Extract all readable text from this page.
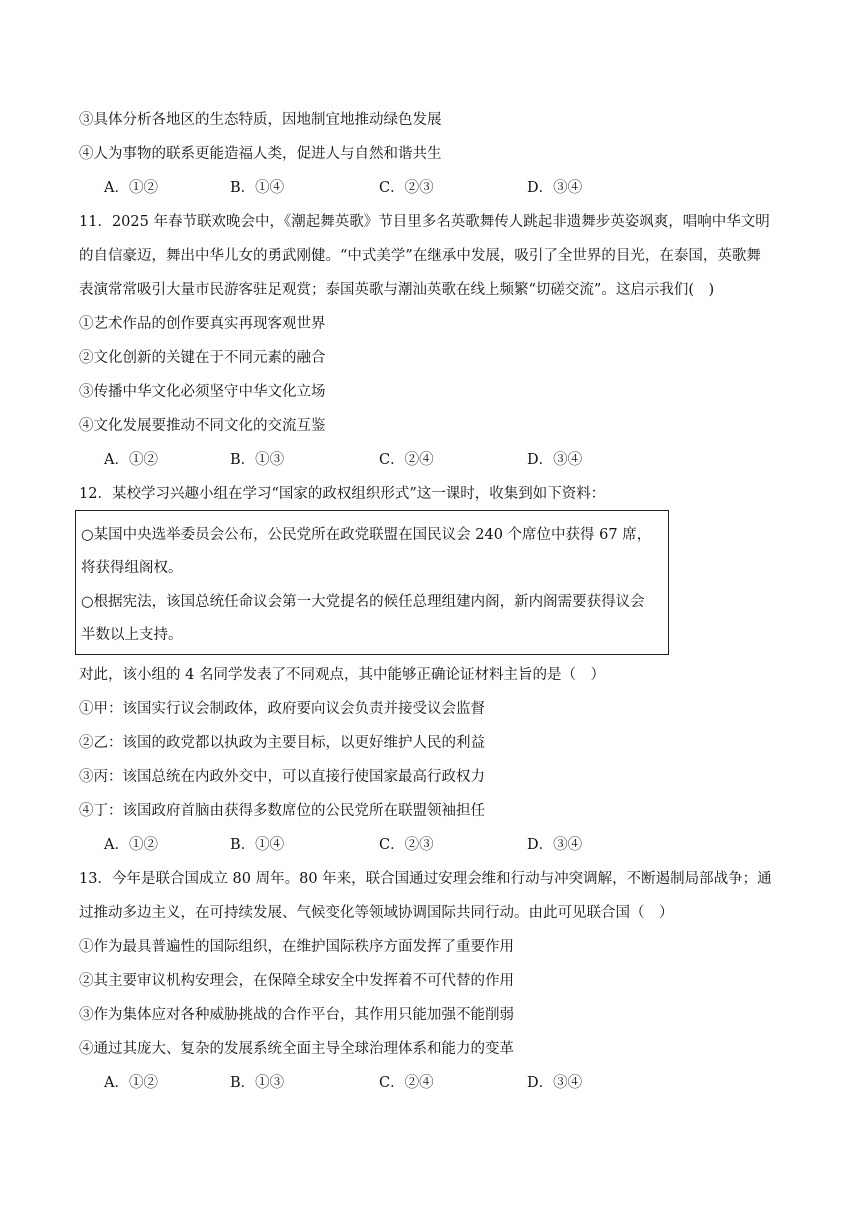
③具体分析各地区的生态特质，因地制宜地推动绿色发展
④人为事物的联系更能造福人类，促进人与自然和谐共生
A．①②	B．①④	C．②③	D．③④
11．2025 年春节联欢晚会中，《潮起舞英歌》节目里多名英歌舞传人跳起非遗舞步英姿飒爽，唱响中华文明
的自信豪迈，舞出中华儿女的勇武刚健。“中式美学”在继承中发展，吸引了全世界的目光，在泰国，英歌舞
表演常常吸引大量市民游客驻足观赏；泰国英歌与潮汕英歌在线上频繁“切磋交流”。这启示我们(　)
①艺术作品的创作要真实再现客观世界
②文化创新的关键在于不同元素的融合
③传播中华文化必须坚守中华文化立场
④文化发展要推动不同文化的交流互鉴
A．①②	B．①③	C．②④	D．③④
12．某校学习兴趣小组在学习“国家的政权组织形式”这一课时，收集到如下资料：
○某国中央选举委员会公布，公民党所在政党联盟在国民议会 240 个席位中获得 67 席，
将获得组阁权。
○根据宪法，该国总统任命议会第一大党提名的候任总理组建内阁，新内阁需要获得议会
半数以上支持。
对此，该小组的 4 名同学发表了不同观点，其中能够正确论证材料主旨的是（　）
①甲：该国实行议会制政体，政府要向议会负责并接受议会监督
②乙：该国的政党都以执政为主要目标，以更好维护人民的利益
③丙：该国总统在内政外交中，可以直接行使国家最高行政权力
④丁：该国政府首脑由获得多数席位的公民党所在联盟领袖担任
A．①②	B．①④	C．②③	D．③④
13．今年是联合国成立 80 周年。80 年来，联合国通过安理会维和行动与冲突调解，不断遏制局部战争；通
过推动多边主义，在可持续发展、气候变化等领域协调国际共同行动。由此可见联合国（　）
①作为最具普遍性的国际组织，在维护国际秩序方面发挥了重要作用
②其主要审议机构安理会，在保障全球安全中发挥着不可代替的作用
③作为集体应对各种威胁挑战的合作平台，其作用只能加强不能削弱
④通过其庞大、复杂的发展系统全面主导全球治理体系和能力的变革
A．①②	B．①③	C．②④	D．③④
